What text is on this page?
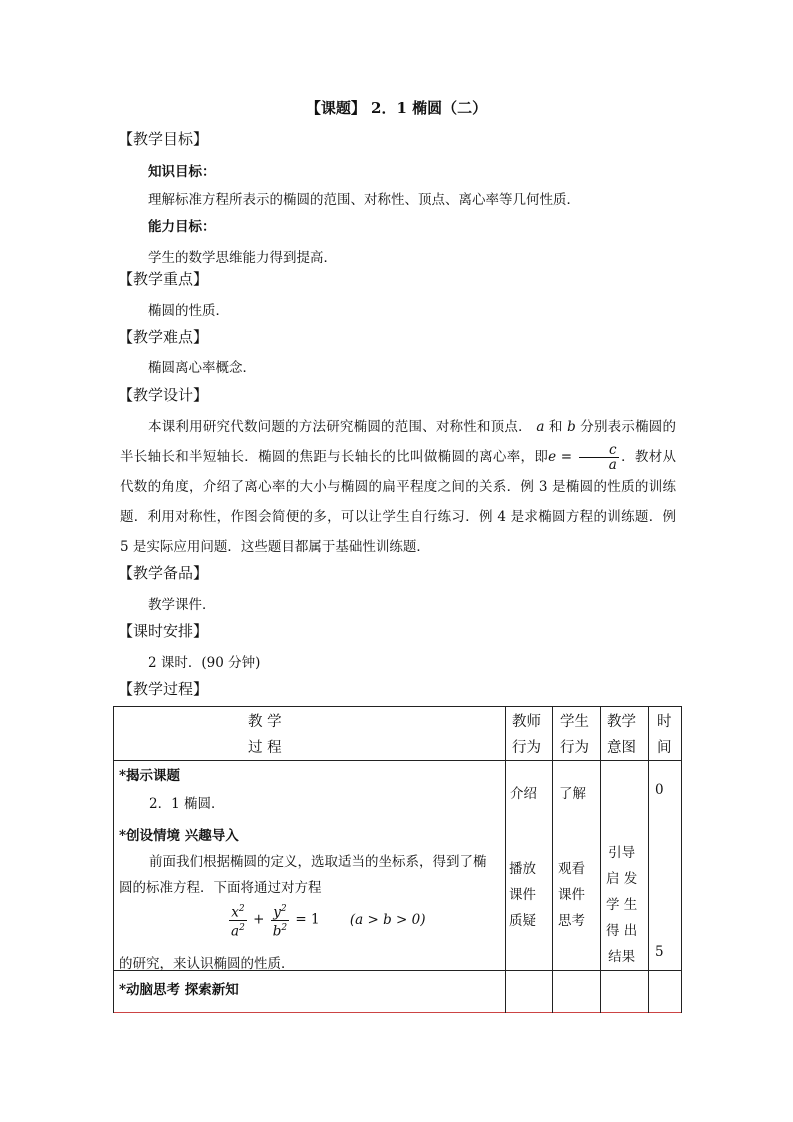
【课题】 2．1 椭圆（二）
【教学目标】
知识目标：
理解标准方程所表示的椭圆的范围、对称性、顶点、离心率等几何性质．
能力目标：
学生的数学思维能力得到提高．
【教学重点】
椭圆的性质．
【教学难点】
椭圆离心率概念．
【教学设计】
本课利用研究代数问题的方法研究椭圆的范围、对称性和顶点． a 和 b 分别表示椭圆的半长轴长和半短轴长．椭圆的焦距与长轴长的比叫做椭圆的离心率，即$e = \frac{c}{a}$ ．教材从代数的角度，介绍了离心率的大小与椭圆的扁平程度之间的关系．例 3 是椭圆的性质的训练题．利用对称性，作图会简便的多，可以让学生自行练习．例 4 是求椭圆方程的训练题．例 5 是实际应用问题．这些题目都属于基础性训练题．
【教学备品】
教学课件．
【课时安排】
2 课时．(90 分钟)
【教学过程】
教 学
过 程
教师
行为
学生
行为
教学
意图
时
间
*揭示课题
2．1 椭圆．
介绍 了解	0
*创设情境 兴趣导入
前面我们根据椭圆的定义，选取适当的坐标系，得到了椭
圆的标准方程．下面将通过对方程
$\frac{x^2}{a^2} + \frac{y^2}{b^2} = 1$ (a > b > 0)
的研究，来认识椭圆的性质．
播放
课件
质疑
观看
课件
思考
引导
启 发
学 生
得 出
结果 5
*动脑思考 探索新知
